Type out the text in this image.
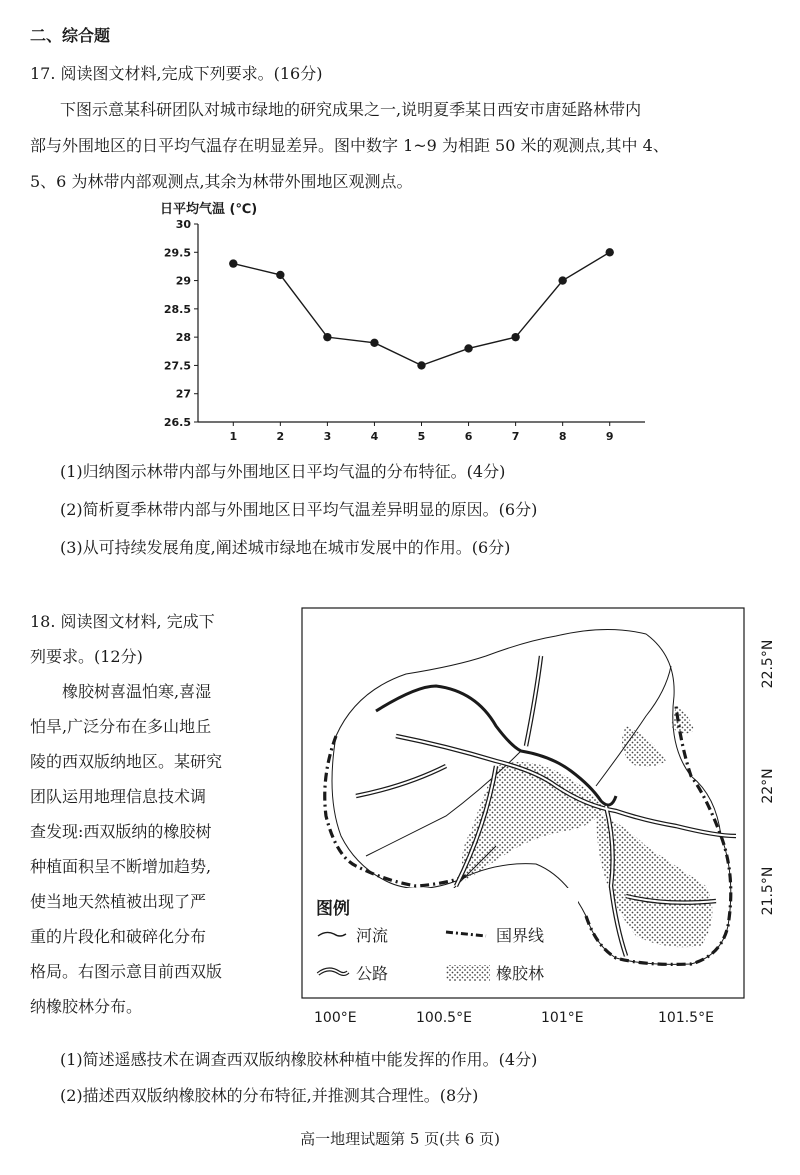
二、综合题
17. 阅读图文材料,完成下列要求。(16分)
下图示意某科研团队对城市绿地的研究成果之一,说明夏季某日西安市唐延路林带内
部与外围地区的日平均气温存在明显差异。图中数字 1~9 为相距 50 米的观测点,其中 4、
5、6 为林带内部观测点,其余为林带外围地区观测点。
日平均气温 (℃)
26.5
27
27.5
28
28.5
29
29.5
30
1	2	3	4	5	6	7	8	9
(1)归纳图示林带内部与外围地区日平均气温的分布特征。(4分)
(2)简析夏季林带内部与外围地区日平均气温差异明显的原因。(6分)
(3)从可持续发展角度,阐述城市绿地在城市发展中的作用。(6分)
18. 阅读图文材料, 完成下
列要求。(12分)
　　橡胶树喜温怕寒,喜湿
怕旱,广泛分布在多山地丘
陵的西双版纳地区。某研究
团队运用地理信息技术调
查发现:西双版纳的橡胶树
种植面积呈不断增加趋势,
使当地天然植被出现了严
重的片段化和破碎化分布
格局。右图示意目前西双版
纳橡胶林分布。
图例
河流	国界线
公路	橡胶林
100°E	100.5°E	101°E	101.5°E
22.5°N
22°N
21.5°N
(1)简述遥感技术在调查西双版纳橡胶林种植中能发挥的作用。(4分)
(2)描述西双版纳橡胶林的分布特征,并推测其合理性。(8分)
高一地理试题第 5 页(共 6 页)
